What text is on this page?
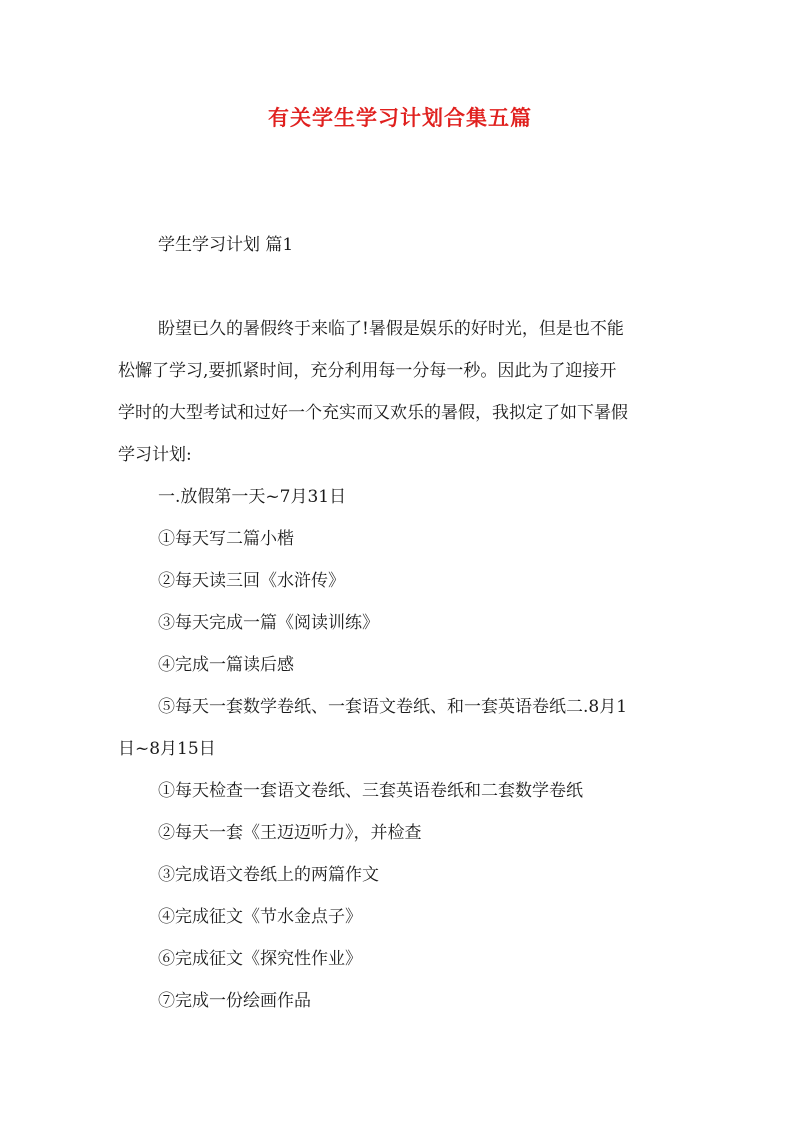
有关学生学习计划合集五篇
学生学习计划 篇1
盼望已久的暑假终于来临了!暑假是娱乐的好时光，但是也不能
松懈了学习,要抓紧时间，充分利用每一分每一秒。因此为了迎接开
学时的大型考试和过好一个充实而又欢乐的暑假，我拟定了如下暑假
学习计划:
一.放假第一天~7月31日
①每天写二篇小楷
②每天读三回《水浒传》
③每天完成一篇《阅读训练》
④完成一篇读后感
⑤每天一套数学卷纸、一套语文卷纸、和一套英语卷纸二.8月1
日~8月15日
①每天检查一套语文卷纸、三套英语卷纸和二套数学卷纸
②每天一套《王迈迈听力》，并检查
③完成语文卷纸上的两篇作文
④完成征文《节水金点子》
⑥完成征文《探究性作业》
⑦完成一份绘画作品
